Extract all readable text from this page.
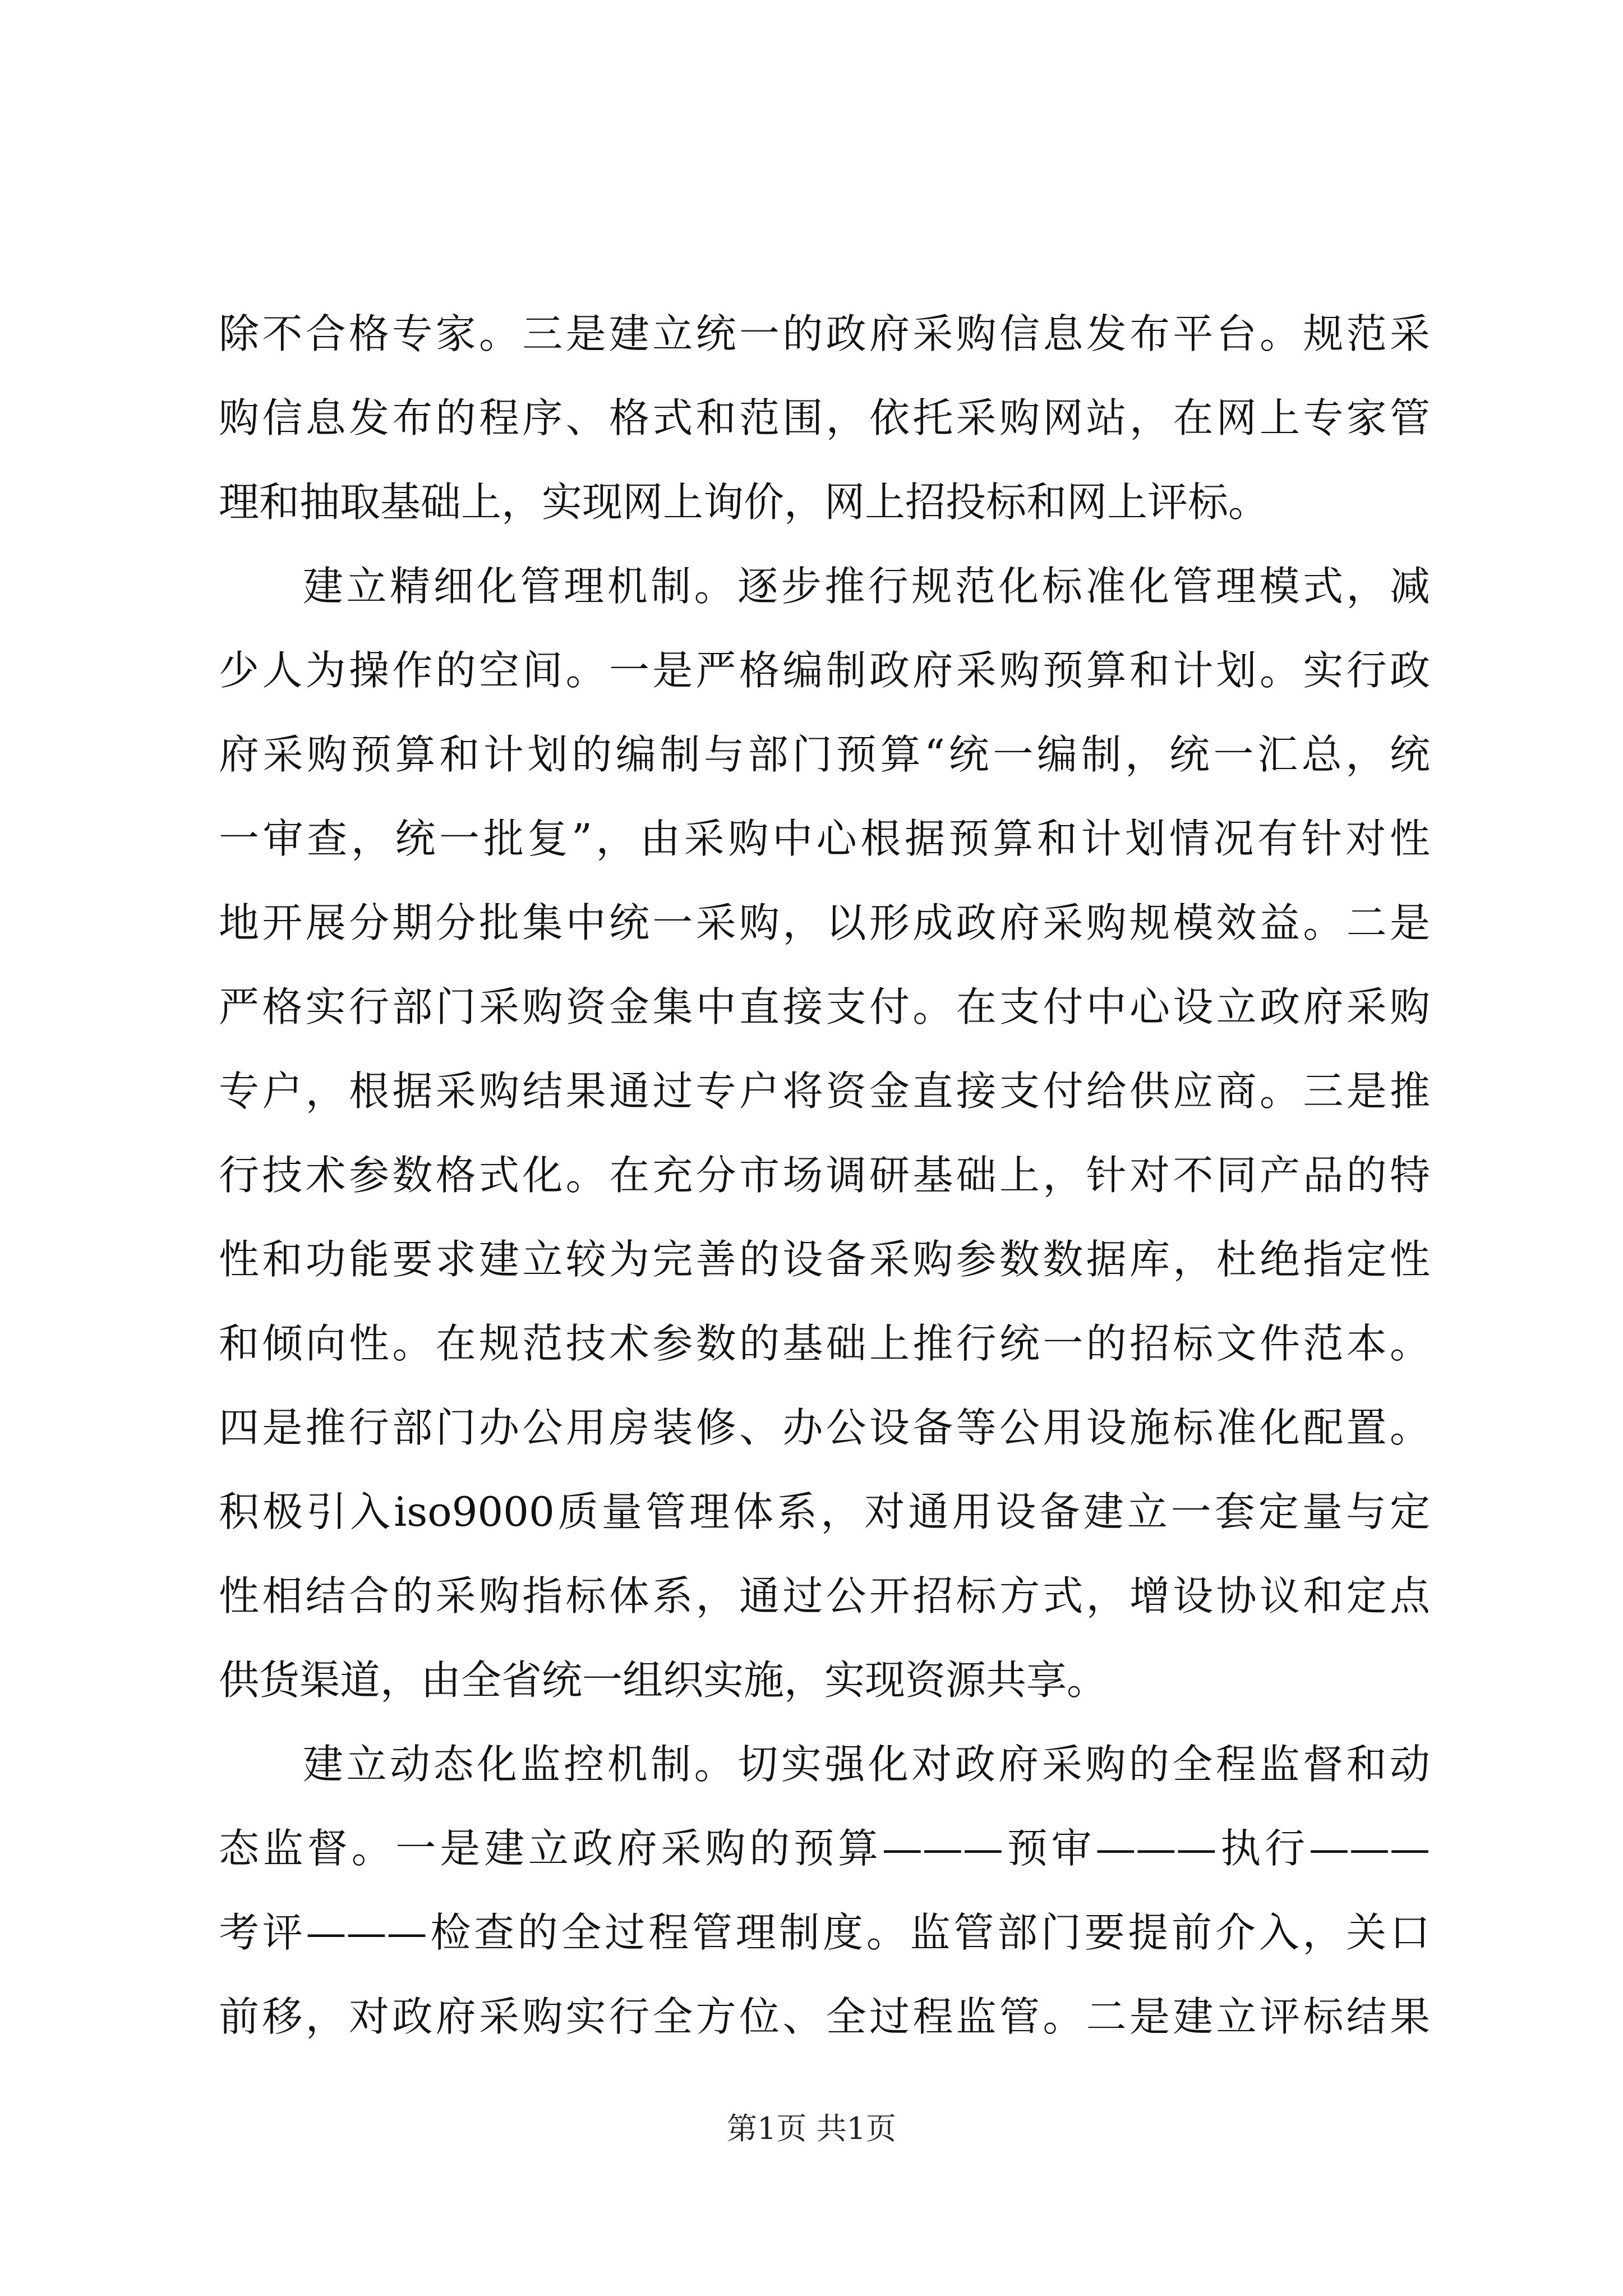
除不合格专家。三是建立统一的政府采购信息发布平台。规范采
购信息发布的程序、格式和范围，依托采购网站，在网上专家管
理和抽取基础上，实现网上询价，网上招投标和网上评标。
建立精细化管理机制。逐步推行规范化标准化管理模式，减
少人为操作的空间。一是严格编制政府采购预算和计划。实行政
府采购预算和计划的编制与部门预算“统一编制，统一汇总，统
一审查，统一批复”，由采购中心根据预算和计划情况有针对性
地开展分期分批集中统一采购，以形成政府采购规模效益。二是
严格实行部门采购资金集中直接支付。在支付中心设立政府采购
专户，根据采购结果通过专户将资金直接支付给供应商。三是推
行技术参数格式化。在充分市场调研基础上，针对不同产品的特
性和功能要求建立较为完善的设备采购参数数据库，杜绝指定性
和倾向性。在规范技术参数的基础上推行统一的招标文件范本。
四是推行部门办公用房装修、办公设备等公用设施标准化配置。
积极引入iso9000质量管理体系，对通用设备建立一套定量与定
性相结合的采购指标体系，通过公开招标方式，增设协议和定点
供货渠道，由全省统一组织实施，实现资源共享。
建立动态化监控机制。切实强化对政府采购的全程监督和动
态监督。一是建立政府采购的预算———预审———执行———
考评———检查的全过程管理制度。监管部门要提前介入，关口
前移，对政府采购实行全方位、全过程监管。二是建立评标结果
第1页 共1页
